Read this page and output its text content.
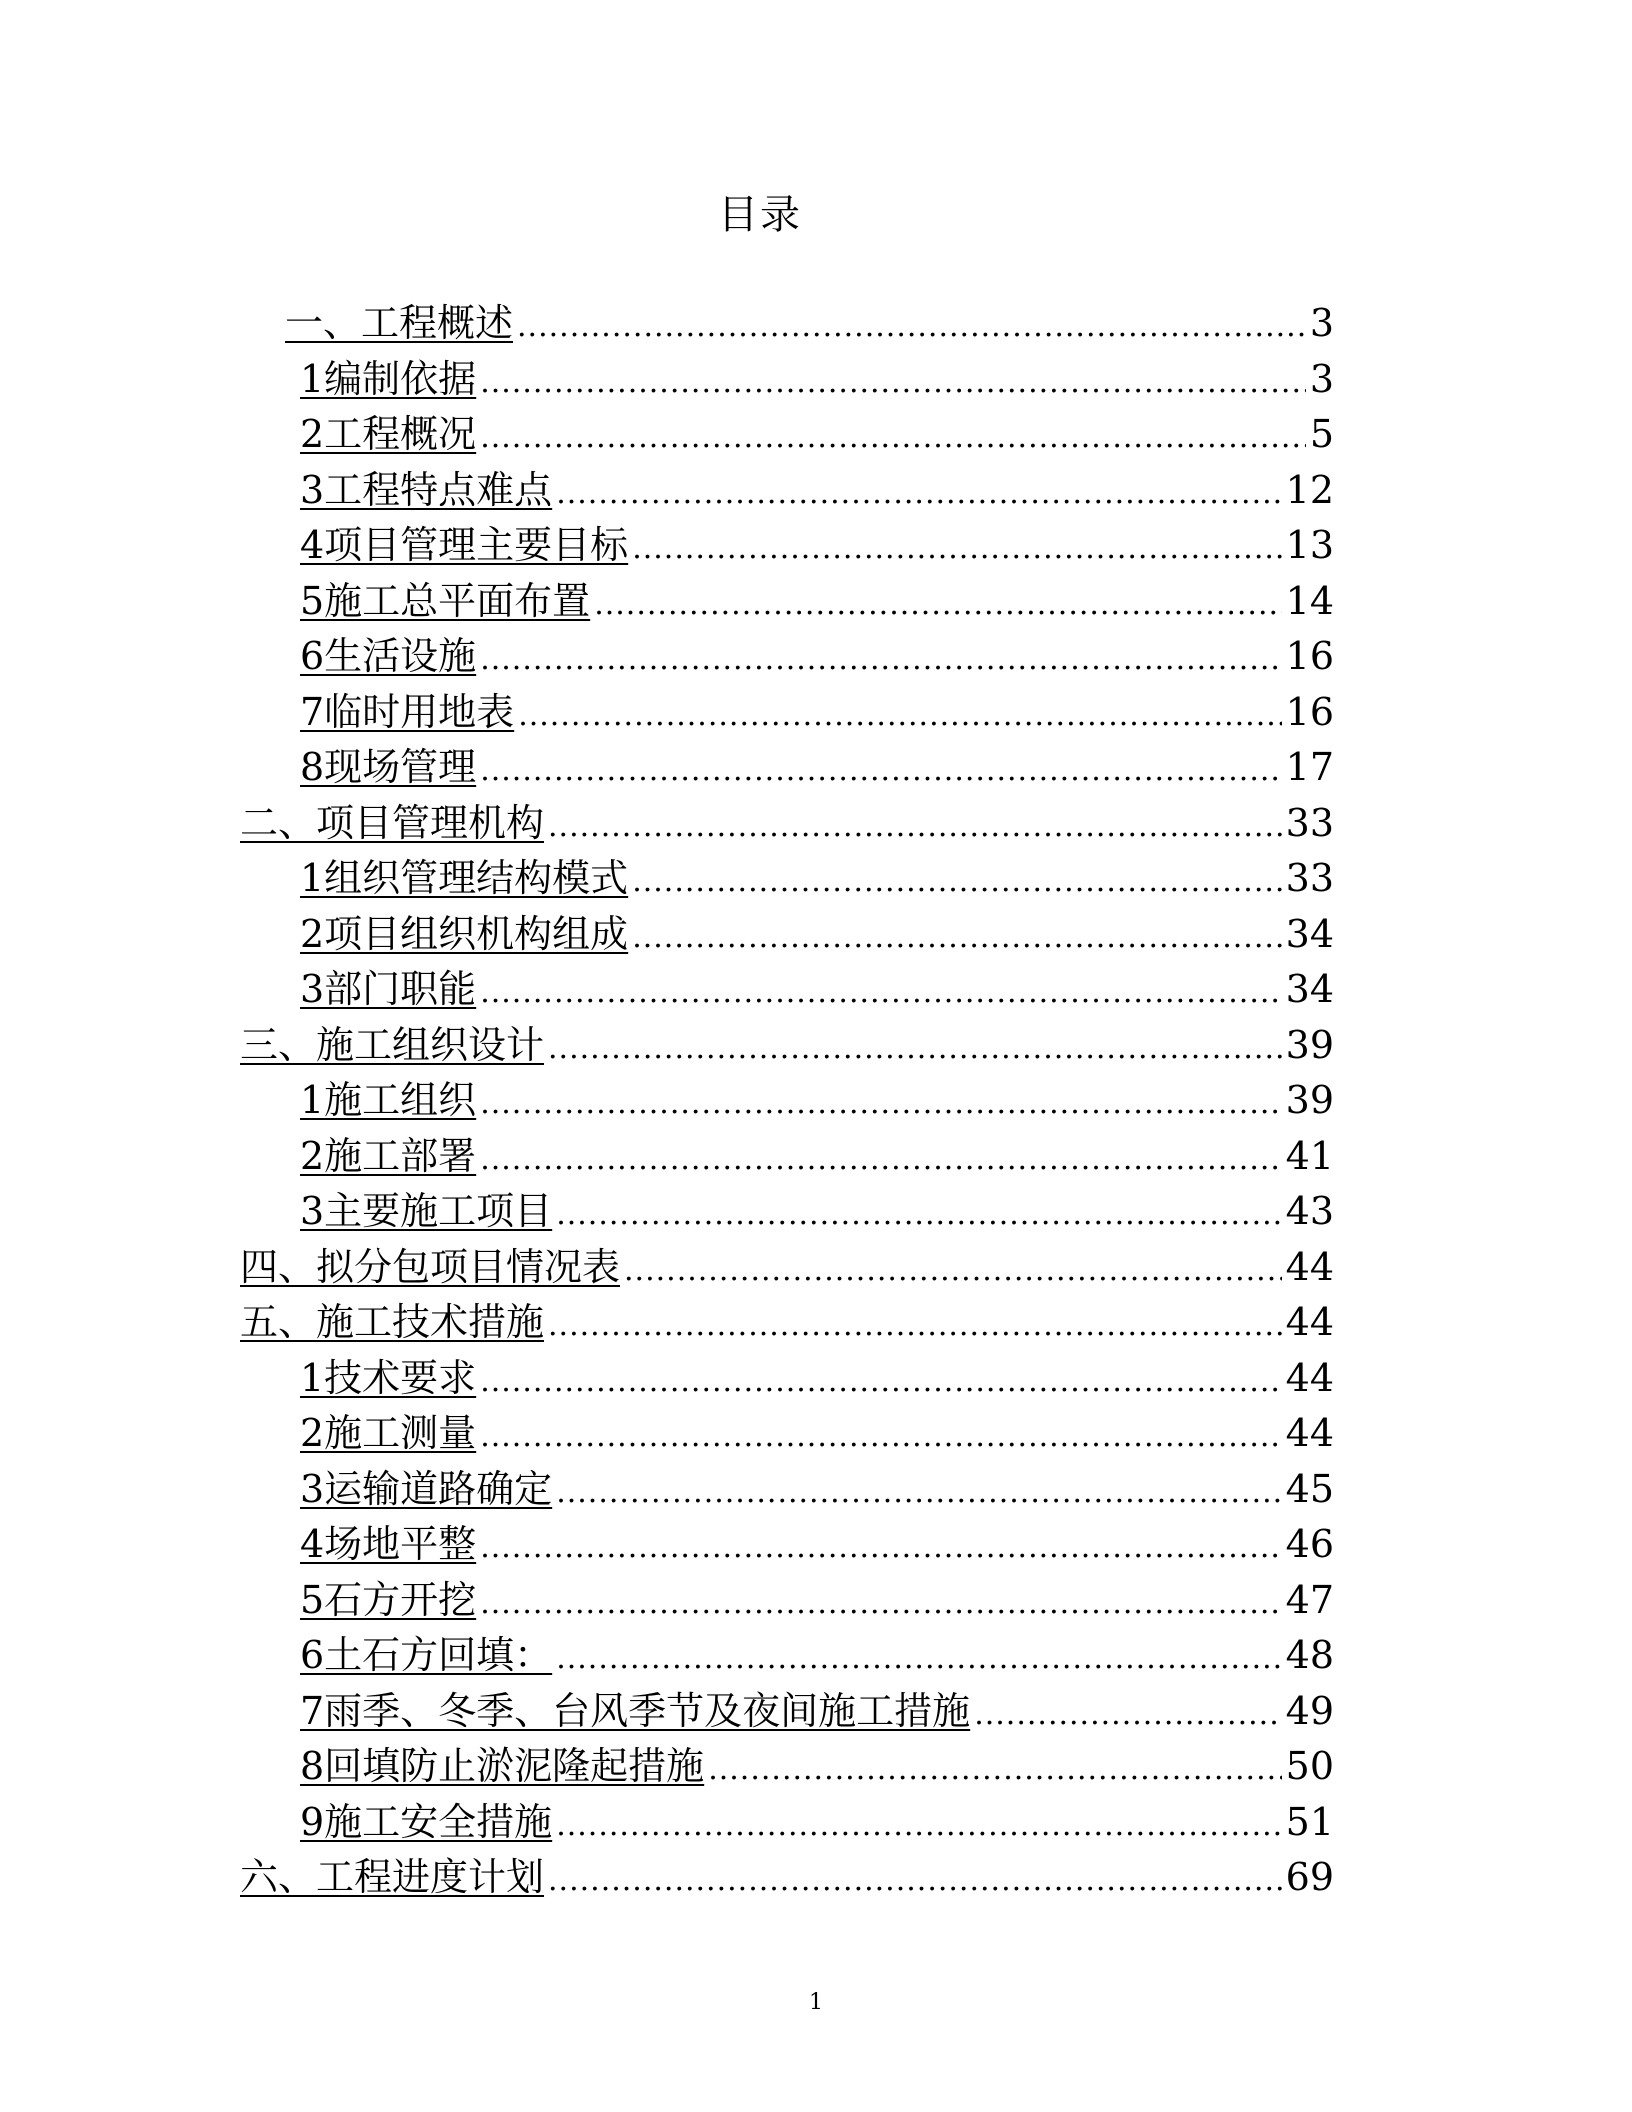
目录
一、工程概述 .....	3
1编制依据 .....	3
2工程概况 .....	5
3工程特点难点 .....	12
4项目管理主要目标 .....	13
5施工总平面布置 .....	14
6生活设施 .....	16
7临时用地表 .....	16
8现场管理 .....	17
二、项目管理机构 .....	33
1组织管理结构模式 .....	33
2项目组织机构组成 .....	34
3部门职能 .....	34
三、施工组织设计 .....	39
1施工组织 .....	39
2施工部署 .....	41
3主要施工项目 .....	43
四、拟分包项目情况表 .....	44
五、施工技术措施 .....	44
1技术要求 .....	44
2施工测量 .....	44
3运输道路确定 .....	45
4场地平整 .....	46
5石方开挖 .....	47
6土石方回填： .....	48
7雨季、冬季、台风季节及夜间施工措施 .....	49
8回填防止淤泥隆起措施 .....	50
9施工安全措施 .....	51
六、工程进度计划 .....	69
1
